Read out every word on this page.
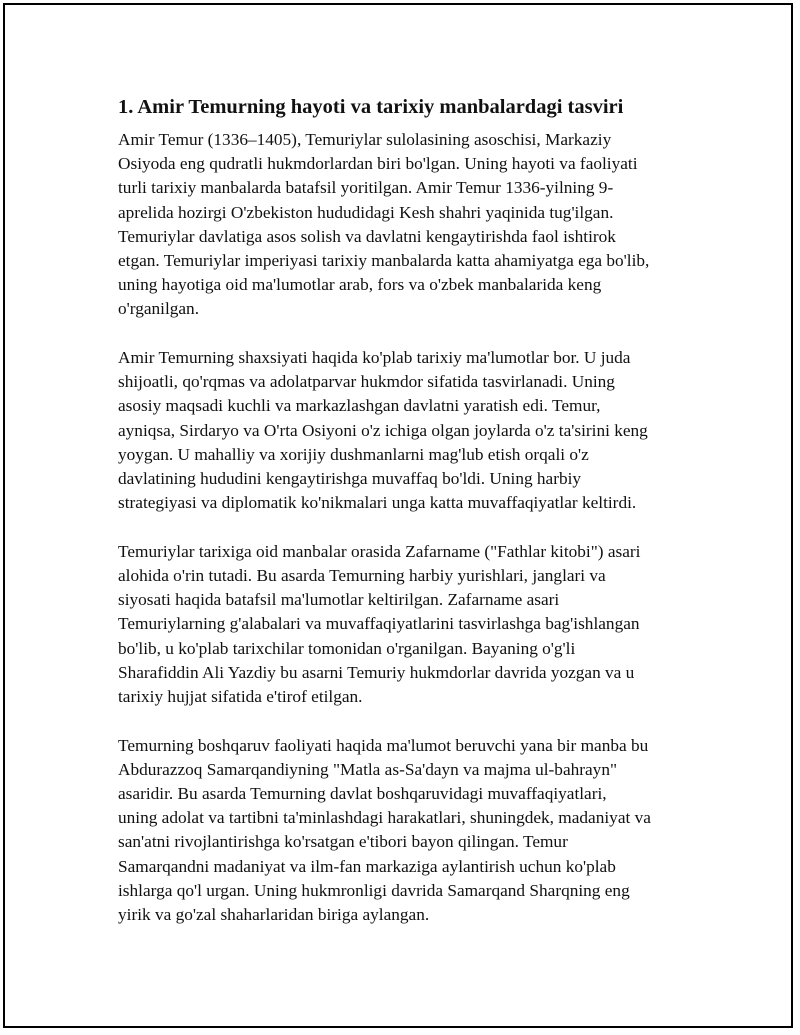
1. Amir Temurning hayoti va tarixiy manbalardagi tasviri
Amir Temur (1336–1405), Temuriylar sulolasining asoschisi, Markaziy
Osiyoda eng qudratli hukmdorlardan biri bo'lgan. Uning hayoti va faoliyati
turli tarixiy manbalarda batafsil yoritilgan. Amir Temur 1336-yilning 9-
aprelida hozirgi O'zbekiston hududidagi Kesh shahri yaqinida tug'ilgan.
Temuriylar davlatiga asos solish va davlatni kengaytirishda faol ishtirok
etgan. Temuriylar imperiyasi tarixiy manbalarda katta ahamiyatga ega bo'lib,
uning hayotiga oid ma'lumotlar arab, fors va o'zbek manbalarida keng
o'rganilgan.
Amir Temurning shaxsiyati haqida ko'plab tarixiy ma'lumotlar bor. U juda
shijoatli, qo'rqmas va adolatparvar hukmdor sifatida tasvirlanadi. Uning
asosiy maqsadi kuchli va markazlashgan davlatni yaratish edi. Temur,
ayniqsa, Sirdaryo va O'rta Osiyoni o'z ichiga olgan joylarda o'z ta'sirini keng
yoygan. U mahalliy va xorijiy dushmanlarni mag'lub etish orqali o'z
davlatining hududini kengaytirishga muvaffaq bo'ldi. Uning harbiy
strategiyasi va diplomatik ko'nikmalari unga katta muvaffaqiyatlar keltirdi.
Temuriylar tarixiga oid manbalar orasida Zafarname ("Fathlar kitobi") asari
alohida o'rin tutadi. Bu asarda Temurning harbiy yurishlari, janglari va
siyosati haqida batafsil ma'lumotlar keltirilgan. Zafarname asari
Temuriylarning g'alabalari va muvaffaqiyatlarini tasvirlashga bag'ishlangan
bo'lib, u ko'plab tarixchilar tomonidan o'rganilgan. Bayaning o'g'li
Sharafiddin Ali Yazdiy bu asarni Temuriy hukmdorlar davrida yozgan va u
tarixiy hujjat sifatida e'tirof etilgan.
Temurning boshqaruv faoliyati haqida ma'lumot beruvchi yana bir manba bu
Abdurazzoq Samarqandiyning "Matla as-Sa'dayn va majma ul-bahrayn"
asaridir. Bu asarda Temurning davlat boshqaruvidagi muvaffaqiyatlari,
uning adolat va tartibni ta'minlashdagi harakatlari, shuningdek, madaniyat va
san'atni rivojlantirishga ko'rsatgan e'tibori bayon qilingan. Temur
Samarqandni madaniyat va ilm-fan markaziga aylantirish uchun ko'plab
ishlarga qo'l urgan. Uning hukmronligi davrida Samarqand Sharqning eng
yirik va go'zal shaharlaridan biriga aylangan.
